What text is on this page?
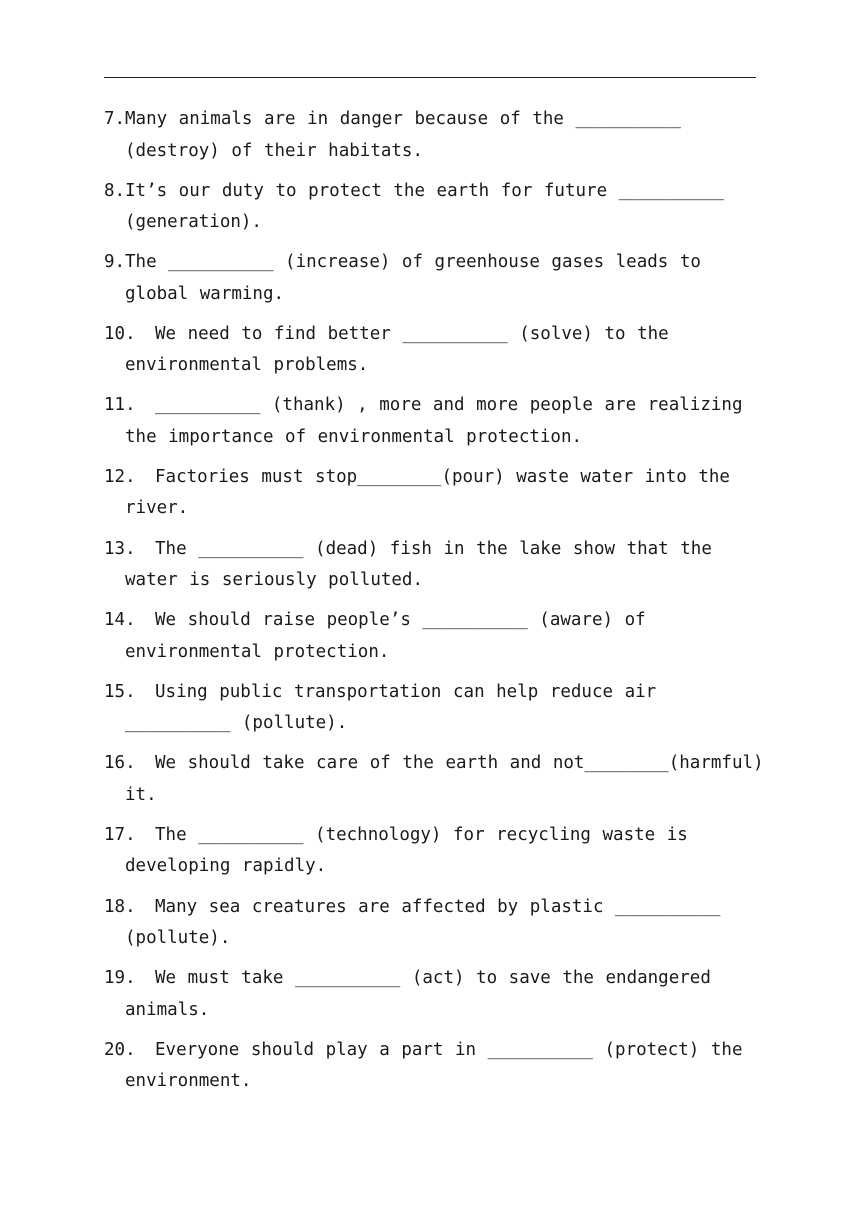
7. Many animals are in danger because of the __________ (destroy) of their habitats.
8. It’s our duty to protect the earth for future __________ (generation).
9. The __________ (increase) of greenhouse gases leads to global warming.
10.	We need to find better __________ (solve) to the environmental problems.
11.	__________ (thank) , more and more people are realizing the importance of environmental protection.
12.	Factories must stop________(pour) waste water into the river.
13.	The __________ (dead) fish in the lake show that the water is seriously polluted.
14.	We should raise people’s __________ (aware) of environmental protection.
15.	Using public transportation can help reduce air __________ (pollute).
16.	We should take care of the earth and not________(harmful) it.
17.	The __________ (technology) for recycling waste is developing rapidly.
18.	Many sea creatures are affected by plastic __________ (pollute).
19.	We must take __________ (act) to save the endangered animals.
20.	Everyone should play a part in __________ (protect) the environment.
